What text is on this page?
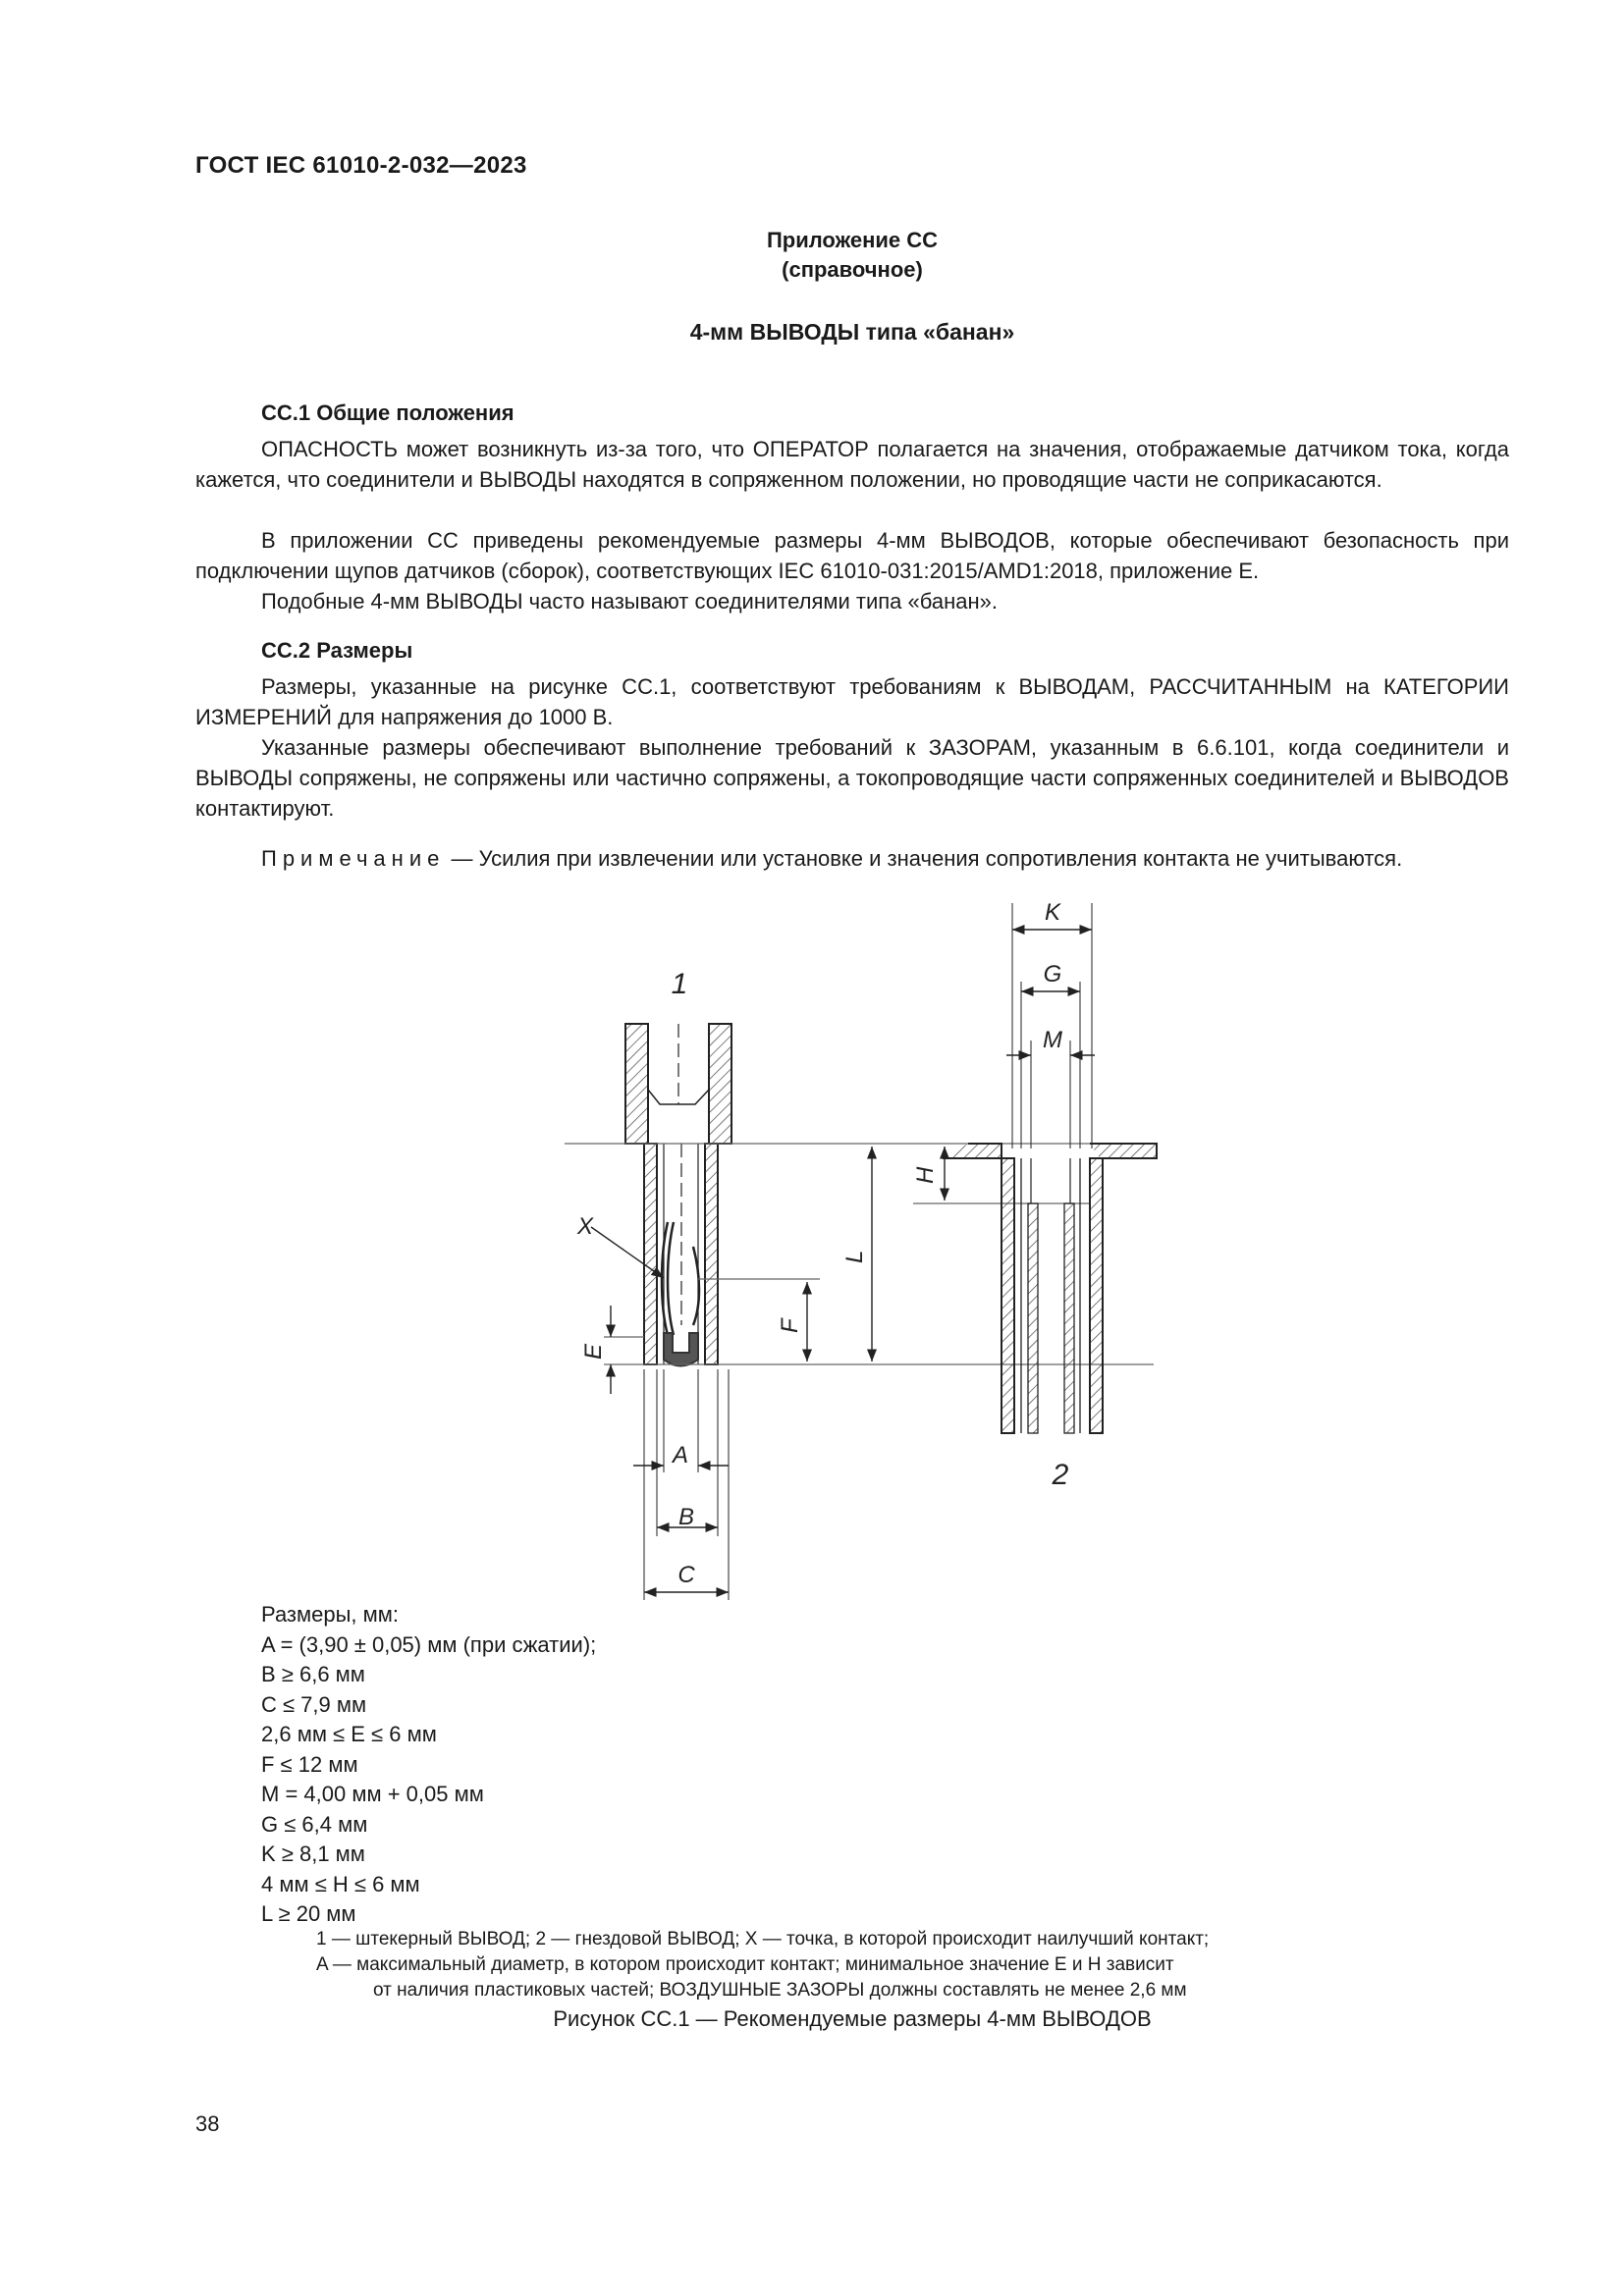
ГОСТ IEC 61010-2-032—2023
Приложение СС
(справочное)
4-мм ВЫВОДЫ типа «банан»
СС.1 Общие положения

ОПАСНОСТЬ может возникнуть из-за того, что ОПЕРАТОР полагается на значения, отображаемые датчиком тока, когда кажется, что соединители и ВЫВОДЫ находятся в сопряженном положении, но проводящие части не соприкасаются.

В приложении СС приведены рекомендуемые размеры 4-мм ВЫВОДОВ, которые обеспечивают безопасность при подключении щупов датчиков (сборок), соответствующих IEC 61010-031:2015/AMD1:2018, приложение E.

Подобные 4-мм ВЫВОДЫ часто называют соединителями типа «банан».

СС.2 Размеры

Размеры, указанные на рисунке СС.1, соответствуют требованиям к ВЫВОДАМ, РАССЧИТАННЫМ на КАТЕГОРИИ ИЗМЕРЕНИЙ для напряжения до 1000 В.

Указанные размеры обеспечивают выполнение требований к ЗАЗОРАМ, указанным в 6.6.101, когда соединители и ВЫВОДЫ сопряжены, не сопряжены или частично сопряжены, а токопроводящие части сопряженных соединителей и ВЫВОДОВ контактируют.

Примечание — Усилия при извлечении или установке и значения сопротивления контакта не учитываются.

1
2
X
A
B
C
E
F
L
K
G
M
H
Размеры, мм:
A = (3,90 ± 0,05) мм (при сжатии);
B ≥ 6,6 мм
C ≤ 7,9 мм
2,6 мм ≤ E ≤ 6 мм
F ≤ 12 мм
M = 4,00 мм + 0,05 мм
G ≤ 6,4 мм
K ≥ 8,1 мм
4 мм ≤ H ≤ 6 мм
L ≥ 20 мм
1 — штекерный ВЫВОД; 2 — гнездовой ВЫВОД; X — точка, в которой происходит наилучший контакт;
A — максимальный диаметр, в котором происходит контакт; минимальное значение E и H зависит
от наличия пластиковых частей; ВОЗДУШНЫЕ ЗАЗОРЫ должны составлять не менее 2,6 мм
Рисунок СС.1 — Рекомендуемые размеры 4-мм ВЫВОДОВ
38
